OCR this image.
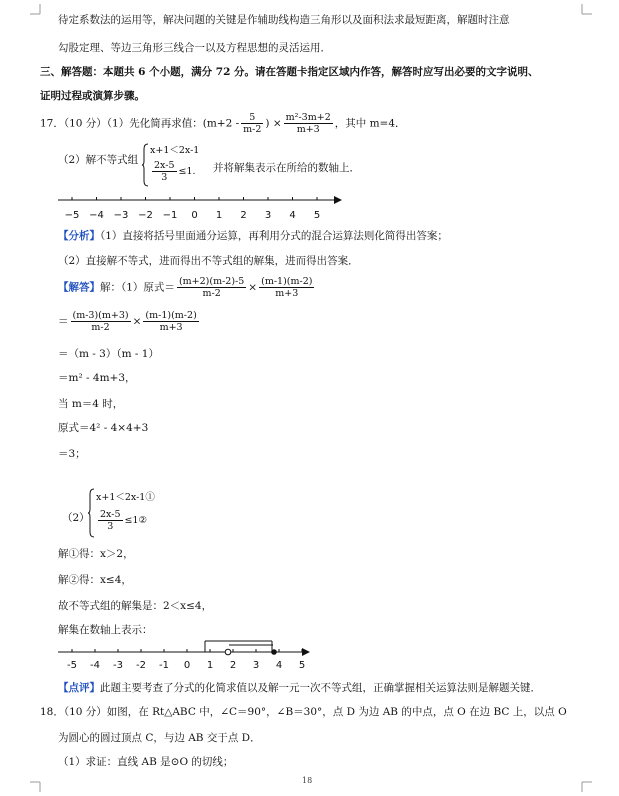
待定系数法的运用等，解决问题的关键是作辅助线构造三角形以及面积法求最短距离，解题时注意
勾股定理、等边三角形三线合一以及方程思想的灵活运用．
三、解答题：本题共 6 个小题，满分 72 分。请在答题卡指定区域内作答，解答时应写出必要的文字说明、
证明过程或演算步骤。
17．（10 分）（1）先化简再求值：($m+2 - \frac{5}{m-2}$ ) × $\frac{\text{m²-3m+2}}{m+3}$ ，其中 m=4．
（2）解不等式组
x+1＜2x-1
$\frac{2x-5}{3} \le 1$. 并将解集表示在所给的数轴上．
−5 −4 −3 −2 −1 0 1 2 3 4 5
【分析】（1）直接将括号里面通分运算，再利用分式的混合运算法则化简得出答案；
（2）直接解不等式，进而得出不等式组的解集，进而得出答案．
【解答】解：（1）原式＝ $\frac{(m+2)(m-2)-5}{m-2} \times \frac{(m-1)(m-2)}{m+3}$
＝ $\frac{(m-3)(m+3)}{m-2} \times \frac{(m-1)(m-2)}{m+3}$
＝（m - 3）（m - 1）
＝m² - 4m+3，
当 m＝4 时，
原式＝4² - 4×4+3
＝3；
（2）
x+1＜2x-1①
$\frac{2x-5}{3}$ ≤1②
解①得：x＞2，
解②得：x≤4，
故不等式组的解集是：2＜x≤4，
解集在数轴上表示：
-5 -4 -3 -2 -1 0 1 2 3 4 5
【点评】此题主要考查了分式的化简求值以及解一元一次不等式组，正确掌握相关运算法则是解题关键．
18．（10 分）如图，在 Rt△ABC 中，∠C＝90°，∠B＝30°，点 D 为边 AB 的中点，点 O 在边 BC 上，以点 O
为圆心的圆过顶点 C，与边 AB 交于点 D．
（1）求证：直线 AB 是⊙O 的切线；
18
